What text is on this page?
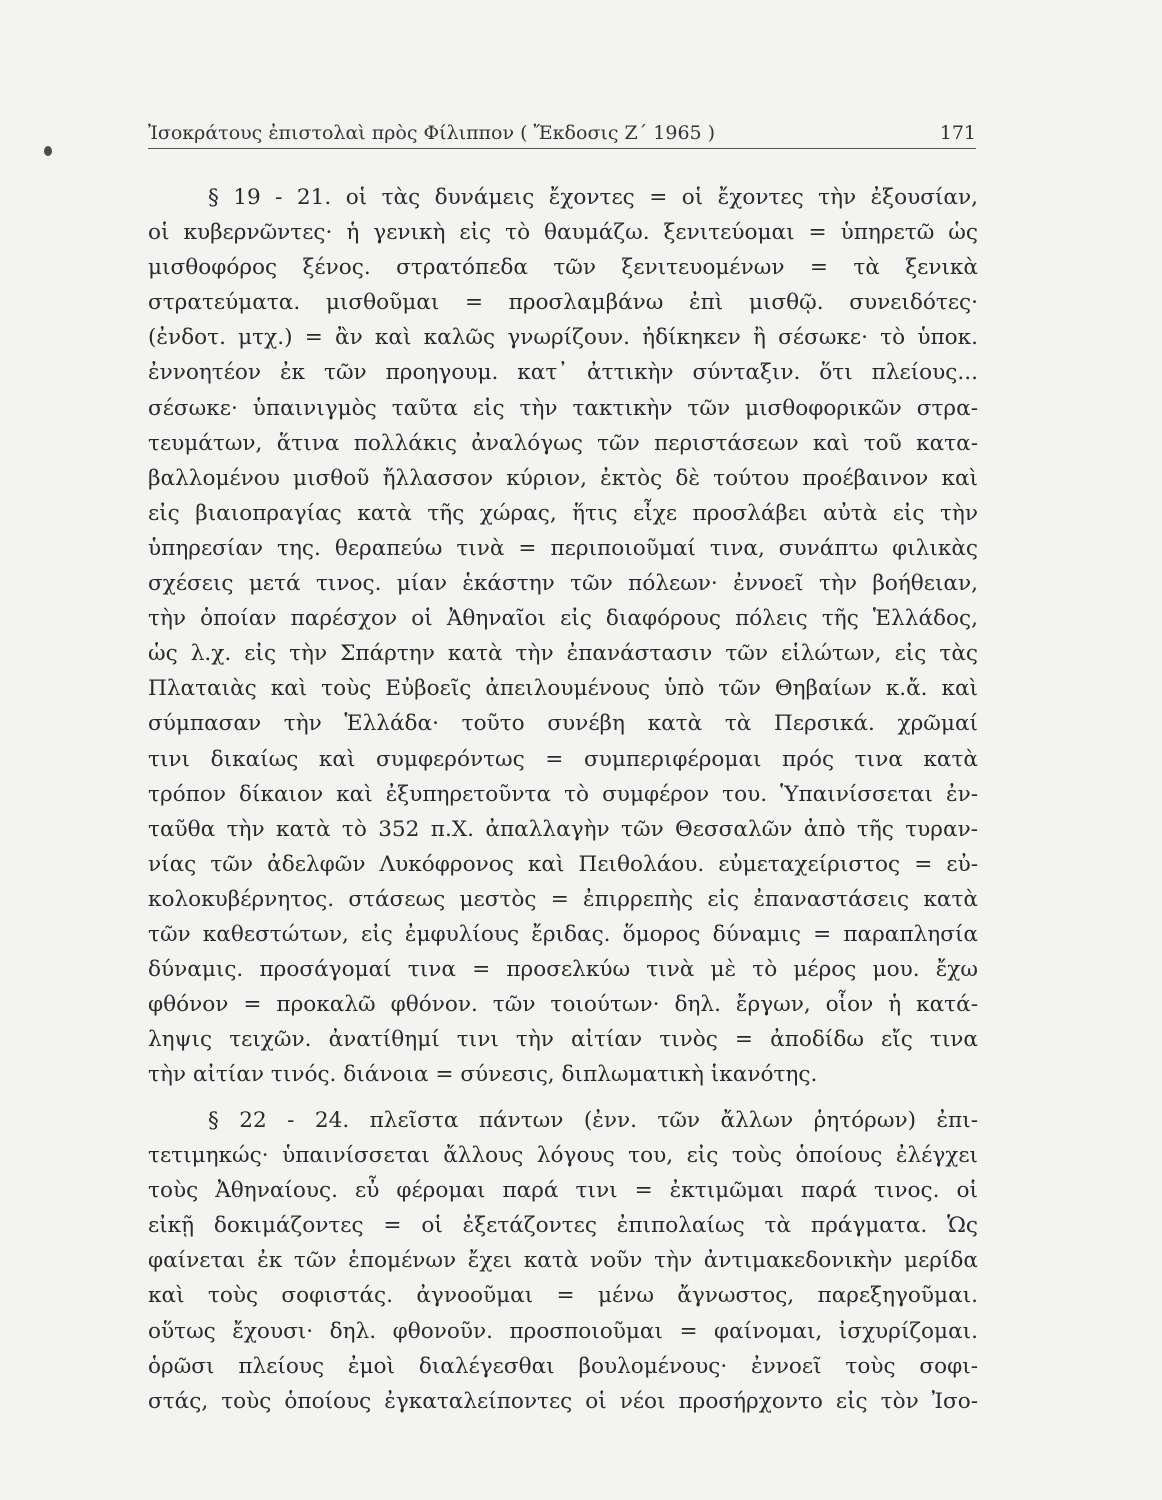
Ἰσοκράτους ἐπιστολαὶ πρὸς Φίλιππον ( Ἔκδοσις Ζ΄ 1965 )	171
§ 19 - 21. οἱ τὰς δυνάμεις ἔχοντες = οἱ ἔχοντες τὴν ἐξουσίαν,
οἱ κυβερνῶντες· ἡ γενικὴ εἰς τὸ θαυμάζω. ξενιτεύομαι = ὑπηρετῶ ὡς
μισθοφόρος ξένος. στρατόπεδα τῶν ξενιτευομένων = τὰ ξενικὰ
στρατεύματα. μισθοῦμαι = προσλαμβάνω ἐπὶ μισθῷ. συνειδότες·
(ἐνδοτ. μτχ.) = ἂν καὶ καλῶς γνωρίζουν. ἠδίκηκεν ἢ σέσωκε· τὸ ὑποκ.
ἐννοητέον ἐκ τῶν προηγουμ. κατ᾽ ἀττικὴν σύνταξιν. ὅτι πλείους...
σέσωκε· ὑπαινιγμὸς ταῦτα εἰς τὴν τακτικὴν τῶν μισθοφορικῶν στρα-
τευμάτων, ἅτινα πολλάκις ἀναλόγως τῶν περιστάσεων καὶ τοῦ κατα-
βαλλομένου μισθοῦ ἤλλασσον κύριον, ἐκτὸς δὲ τούτου προέβαινον καὶ
εἰς βιαιοπραγίας κατὰ τῆς χώρας, ἥτις εἶχε προσλάβει αὐτὰ εἰς τὴν
ὑπηρεσίαν της. θεραπεύω τινὰ = περιποιοῦμαί τινα, συνάπτω φιλικὰς
σχέσεις μετά τινος. μίαν ἑκάστην τῶν πόλεων· ἐννοεῖ τὴν βοήθειαν,
τὴν ὁποίαν παρέσχον οἱ Ἀθηναῖοι εἰς διαφόρους πόλεις τῆς Ἑλλάδος,
ὡς λ.χ. εἰς τὴν Σπάρτην κατὰ τὴν ἐπανάστασιν τῶν εἱλώτων, εἰς τὰς
Πλαταιὰς καὶ τοὺς Εὐβοεῖς ἀπειλουμένους ὑπὸ τῶν Θηβαίων κ.ἄ. καὶ
σύμπασαν τὴν Ἑλλάδα· τοῦτο συνέβη κατὰ τὰ Περσικά. χρῶμαί
τινι δικαίως καὶ συμφερόντως = συμπεριφέρομαι πρός τινα κατὰ
τρόπον δίκαιον καὶ ἐξυπηρετοῦντα τὸ συμφέρον του. Ὑπαινίσσεται ἐν-
ταῦθα τὴν κατὰ τὸ 352 π.Χ. ἀπαλλαγὴν τῶν Θεσσαλῶν ἀπὸ τῆς τυραν-
νίας τῶν ἀδελφῶν Λυκόφρονος καὶ Πειθολάου. εὐμεταχείριστος = εὐ-
κολοκυβέρνητος. στάσεως μεστὸς = ἐπιρρεπὴς εἰς ἐπαναστάσεις κατὰ
τῶν καθεστώτων, εἰς ἐμφυλίους ἔριδας. ὅμορος δύναμις = παραπλησία
δύναμις. προσάγομαί τινα = προσελκύω τινὰ μὲ τὸ μέρος μου. ἔχω
φθόνον = προκαλῶ φθόνον. τῶν τοιούτων· δηλ. ἔργων, οἷον ἡ κατά-
ληψις τειχῶν. ἀνατίθημί τινι τὴν αἰτίαν τινὸς = ἀποδίδω εἴς τινα
τὴν αἰτίαν τινός. διάνοια = σύνεσις, διπλωματικὴ ἱκανότης.
§ 22 - 24. πλεῖστα πάντων (ἐνν. τῶν ἄλλων ῥητόρων) ἐπι-
τετιμηκώς· ὑπαινίσσεται ἄλλους λόγους του, εἰς τοὺς ὁποίους ἐλέγχει
τοὺς Ἀθηναίους. εὖ φέρομαι παρά τινι = ἐκτιμῶμαι παρά τινος. οἱ
εἰκῇ δοκιμάζοντες = οἱ ἐξετάζοντες ἐπιπολαίως τὰ πράγματα. Ὡς
φαίνεται ἐκ τῶν ἑπομένων ἔχει κατὰ νοῦν τὴν ἀντιμακεδονικὴν μερίδα
καὶ τοὺς σοφιστάς. ἀγνοοῦμαι = μένω ἄγνωστος, παρεξηγοῦμαι.
οὕτως ἔχουσι· δηλ. φθονοῦν. προσποιοῦμαι = φαίνομαι, ἰσχυρίζομαι.
ὁρῶσι πλείους ἐμοὶ διαλέγεσθαι βουλομένους· ἐννοεῖ τοὺς σοφι-
στάς, τοὺς ὁποίους ἐγκαταλείποντες οἱ νέοι προσήρχοντο εἰς τὸν Ἰσο-
